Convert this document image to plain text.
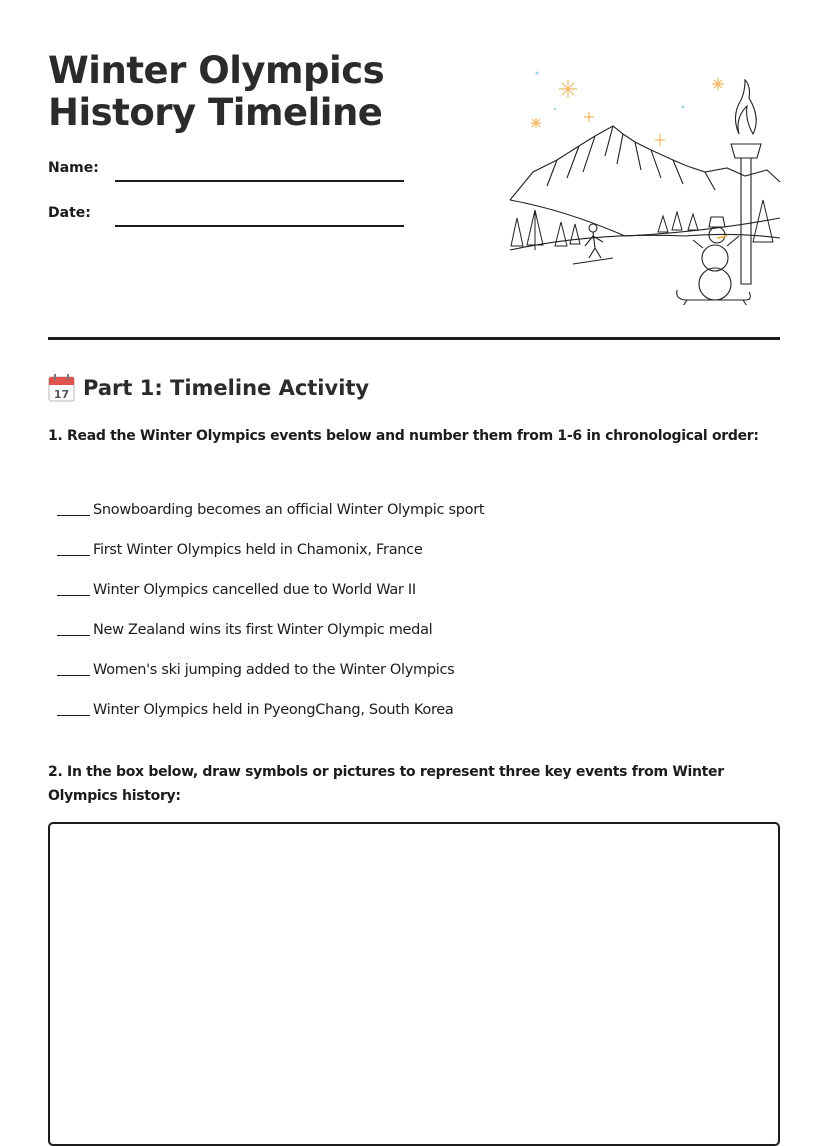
Winter Olympics
History Timeline
Name:
Date:
17 Part 1: Timeline Activity

1. Read the Winter Olympics events below and number them from 1-6 in chronological order:

Snowboarding becomes an official Winter Olympic sport
First Winter Olympics held in Chamonix, France
Winter Olympics cancelled due to World War II
New Zealand wins its first Winter Olympic medal
Women's ski jumping added to the Winter Olympics
Winter Olympics held in PyeongChang, South Korea

2. In the box below, draw symbols or pictures to represent three key events from Winter Olympics history:
